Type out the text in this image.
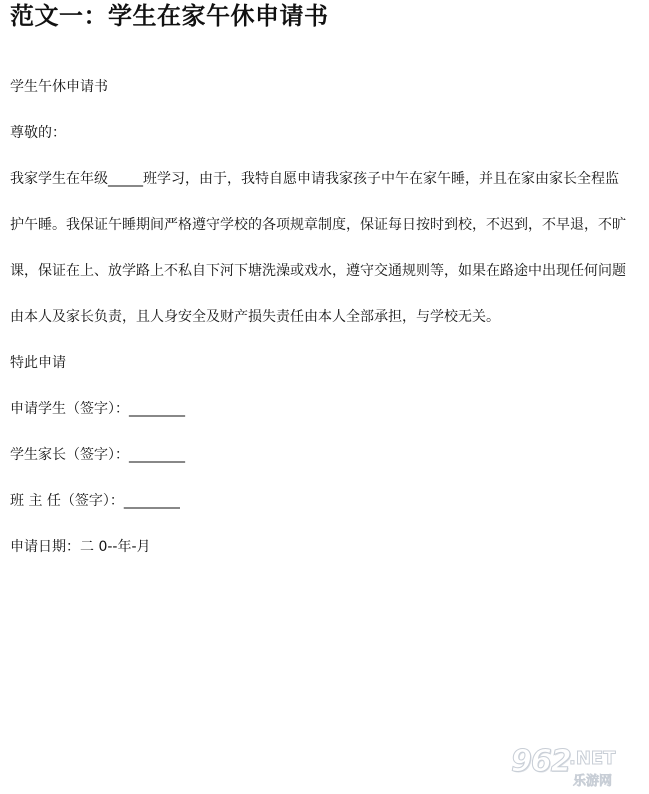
范文一：学生在家午休申请书

学生午休申请书

尊敬的：

我家学生在年级_____班学习，由于，我特自愿申请我家孩子中午在家午睡，并且在家由家长全程监护午睡。我保证午睡期间严格遵守学校的各项规章制度，保证每日按时到校，不迟到，不早退，不旷课，保证在上、放学路上不私自下河下塘洗澡或戏水，遵守交通规则等，如果在路途中出现任何问题由本人及家长负责，且人身安全及财产损失责任由本人全部承担，与学校无关。

特此申请

申请学生（签字）：________

学生家长（签字）：________

班 主 任（签字）：________

申请日期：二 0--年-月

962
.NET
乐游网
